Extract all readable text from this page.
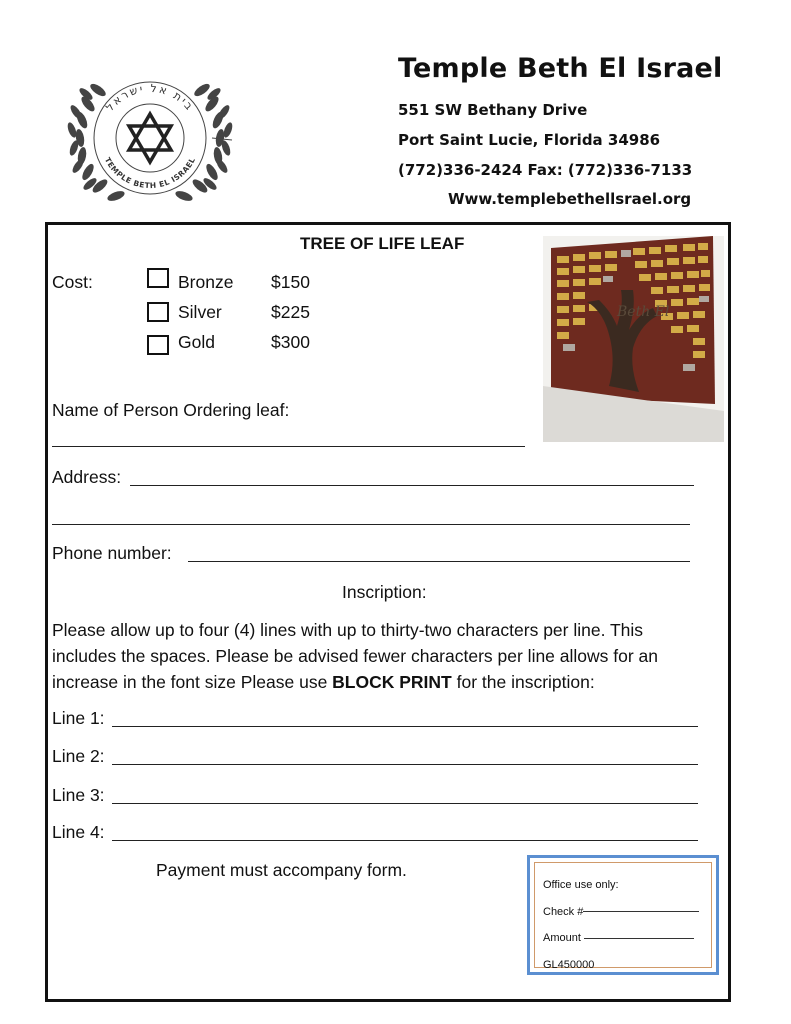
בית אל ישראל
TEMPLE BETH EL ISRAEL
Temple Beth El Israel
551 SW Bethany Drive
Port Saint Lucie, Florida 34986
(772)336-2424 Fax: (772)336-7133
Www.templebethellsrael.org
TREE OF LIFE LEAF
Beth El
Cost:	Bronze $150
Silver	$225
Gold	$300
Name of Person Ordering leaf:
Address:
Phone number:
Inscription:

Please allow up to four (4) lines with up to thirty-two characters per line. This

includes the spaces. Please be advised fewer characters per line allows for an

increase in the font size Please use BLOCK PRINT for the inscription:

Line 1:
Line 2:
Line 3:
Line 4:
Payment must accompany form.
Office use only:
Check #
Amount
GL450000
